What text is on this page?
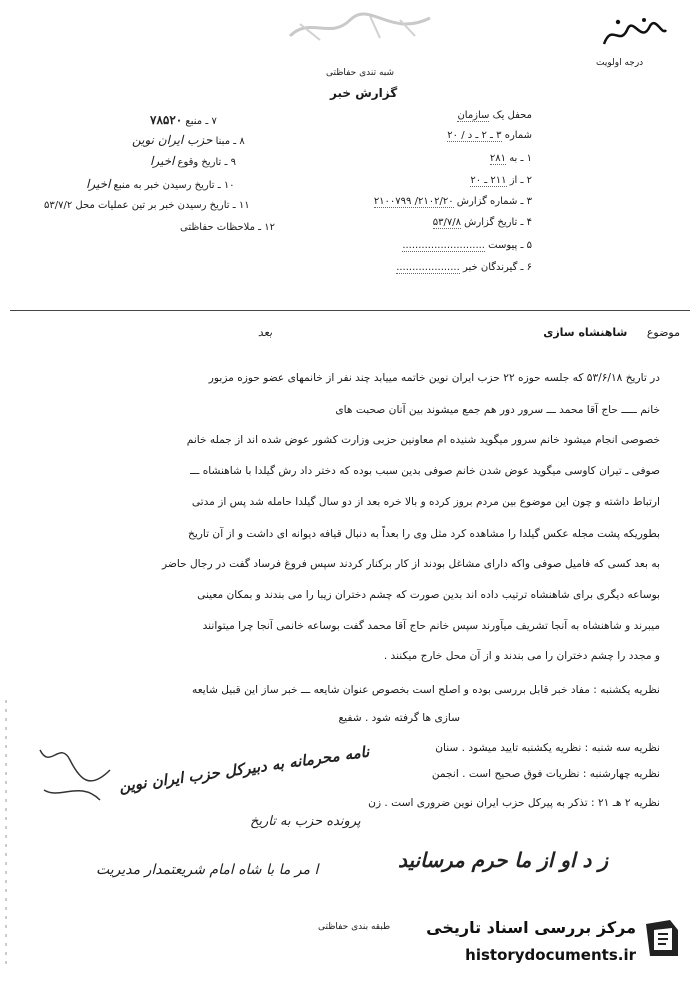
درجه اولویت
شبه تندی حفاظتی
گزارش خبر
۷ ـ منبع ۷۸۵۲۰
۸ ـ مبنا حزب ایران نوین
۹ ـ تاریخ وقوع اخیرا
۱۰ ـ تاریخ رسیدن خبر به منبع اخیرا
۱۱ ـ تاریخ رسیدن خبر بر تین عملیات محل ۵۳/۷/۲
۱۲ ـ ملاحظات حفاظتی
محفل یک سازمان
شماره ۳ ـ ۲ ـ د / ۲۰
۱ ـ به ۲۸۱
۲ ـ از ۲۱۱ ـ ۲۰
۳ ـ شماره گزارش ۲۱۰۲/۲۰/ ۲۱۰۰۷۹۹
۴ ـ تاریخ گزارش ۵۳/۷/۸
۵ ـ پیوست ..........................
۶ ـ گیرندگان خبر ....................
موضوع شاهنشاه سازی
بعد
در تاریخ ۵۳/۶/۱۸ که جلسه حوزه ۲۲ حزب ایران نوین خاتمه مییابد چند نفر از خانمهای عضو حوزه مزبور
خانم ـــــ حاج آقا محمد ـــ سرور دور هم جمع میشوند بین آنان صحبت های
خصوصی انجام میشود خانم سرور میگوید شنیده ام معاونین حزبی وزارت کشور عوض شده اند از جمله خانم
صوفی ـ تیران کاوسی میگوید عوض شدن خانم صوفی بدین سبب بوده که دختر داد رش گیلدا با شاهنشاه ـــ
ارتباط داشته و چون این موضوع بین مردم بروز کرده و بالا خره بعد از دو سال گیلدا حامله شد پس از مدتی
بطوریکه پشت مجله عکس گیلدا را مشاهده کرد مثل وی را بعداً به دنبال قیافه دیوانه ای داشت و از آن تاریخ
به بعد کسی که فامیل صوفی واکه دارای مشاغل بودند از کار برکنار کردند سپس فروغ فرساد گفت در رجال حاضر
بوساعه دیگری برای شاهنشاه ترتیب داده اند بدین صورت که چشم دختران زیبا را می بندند و بمکان معینی
میبرند و شاهنشاه به آنجا تشریف میآورند سپس خانم حاج آقا محمد گفت بوساعه خانمی آنجا چرا میتوانند
و مجدد را چشم دختران را می بندند و از آن محل خارج میکنند .
نظریه یکشنبه : مفاد خبر قابل بررسی بوده و اصلح است بخصوص عنوان شایعه ـــ خبر ساز این قبیل شایعه
سازی ها گرفته شود . شفیع
نظریه سه شنبه : نظریه یکشنبه تایید میشود . سنان
نظریه چهارشنبه : نظریات فوق صحیح است . انجمن
نظریه ۲ هـ ۲۱ : تذکر به پیرکل حزب ایران نوین ضروری است . زن
نامه محرمانه به دبیرکل حزب ایران نوین
پرونده حزب به تاریخ
ا مر ما با شاه امام شریعتمدار مدیریت	ز د او از ما حرم مرسانید
طبقه بندی حفاظتی مرکز بررسی اسناد تاریخی
historydocuments.ir
